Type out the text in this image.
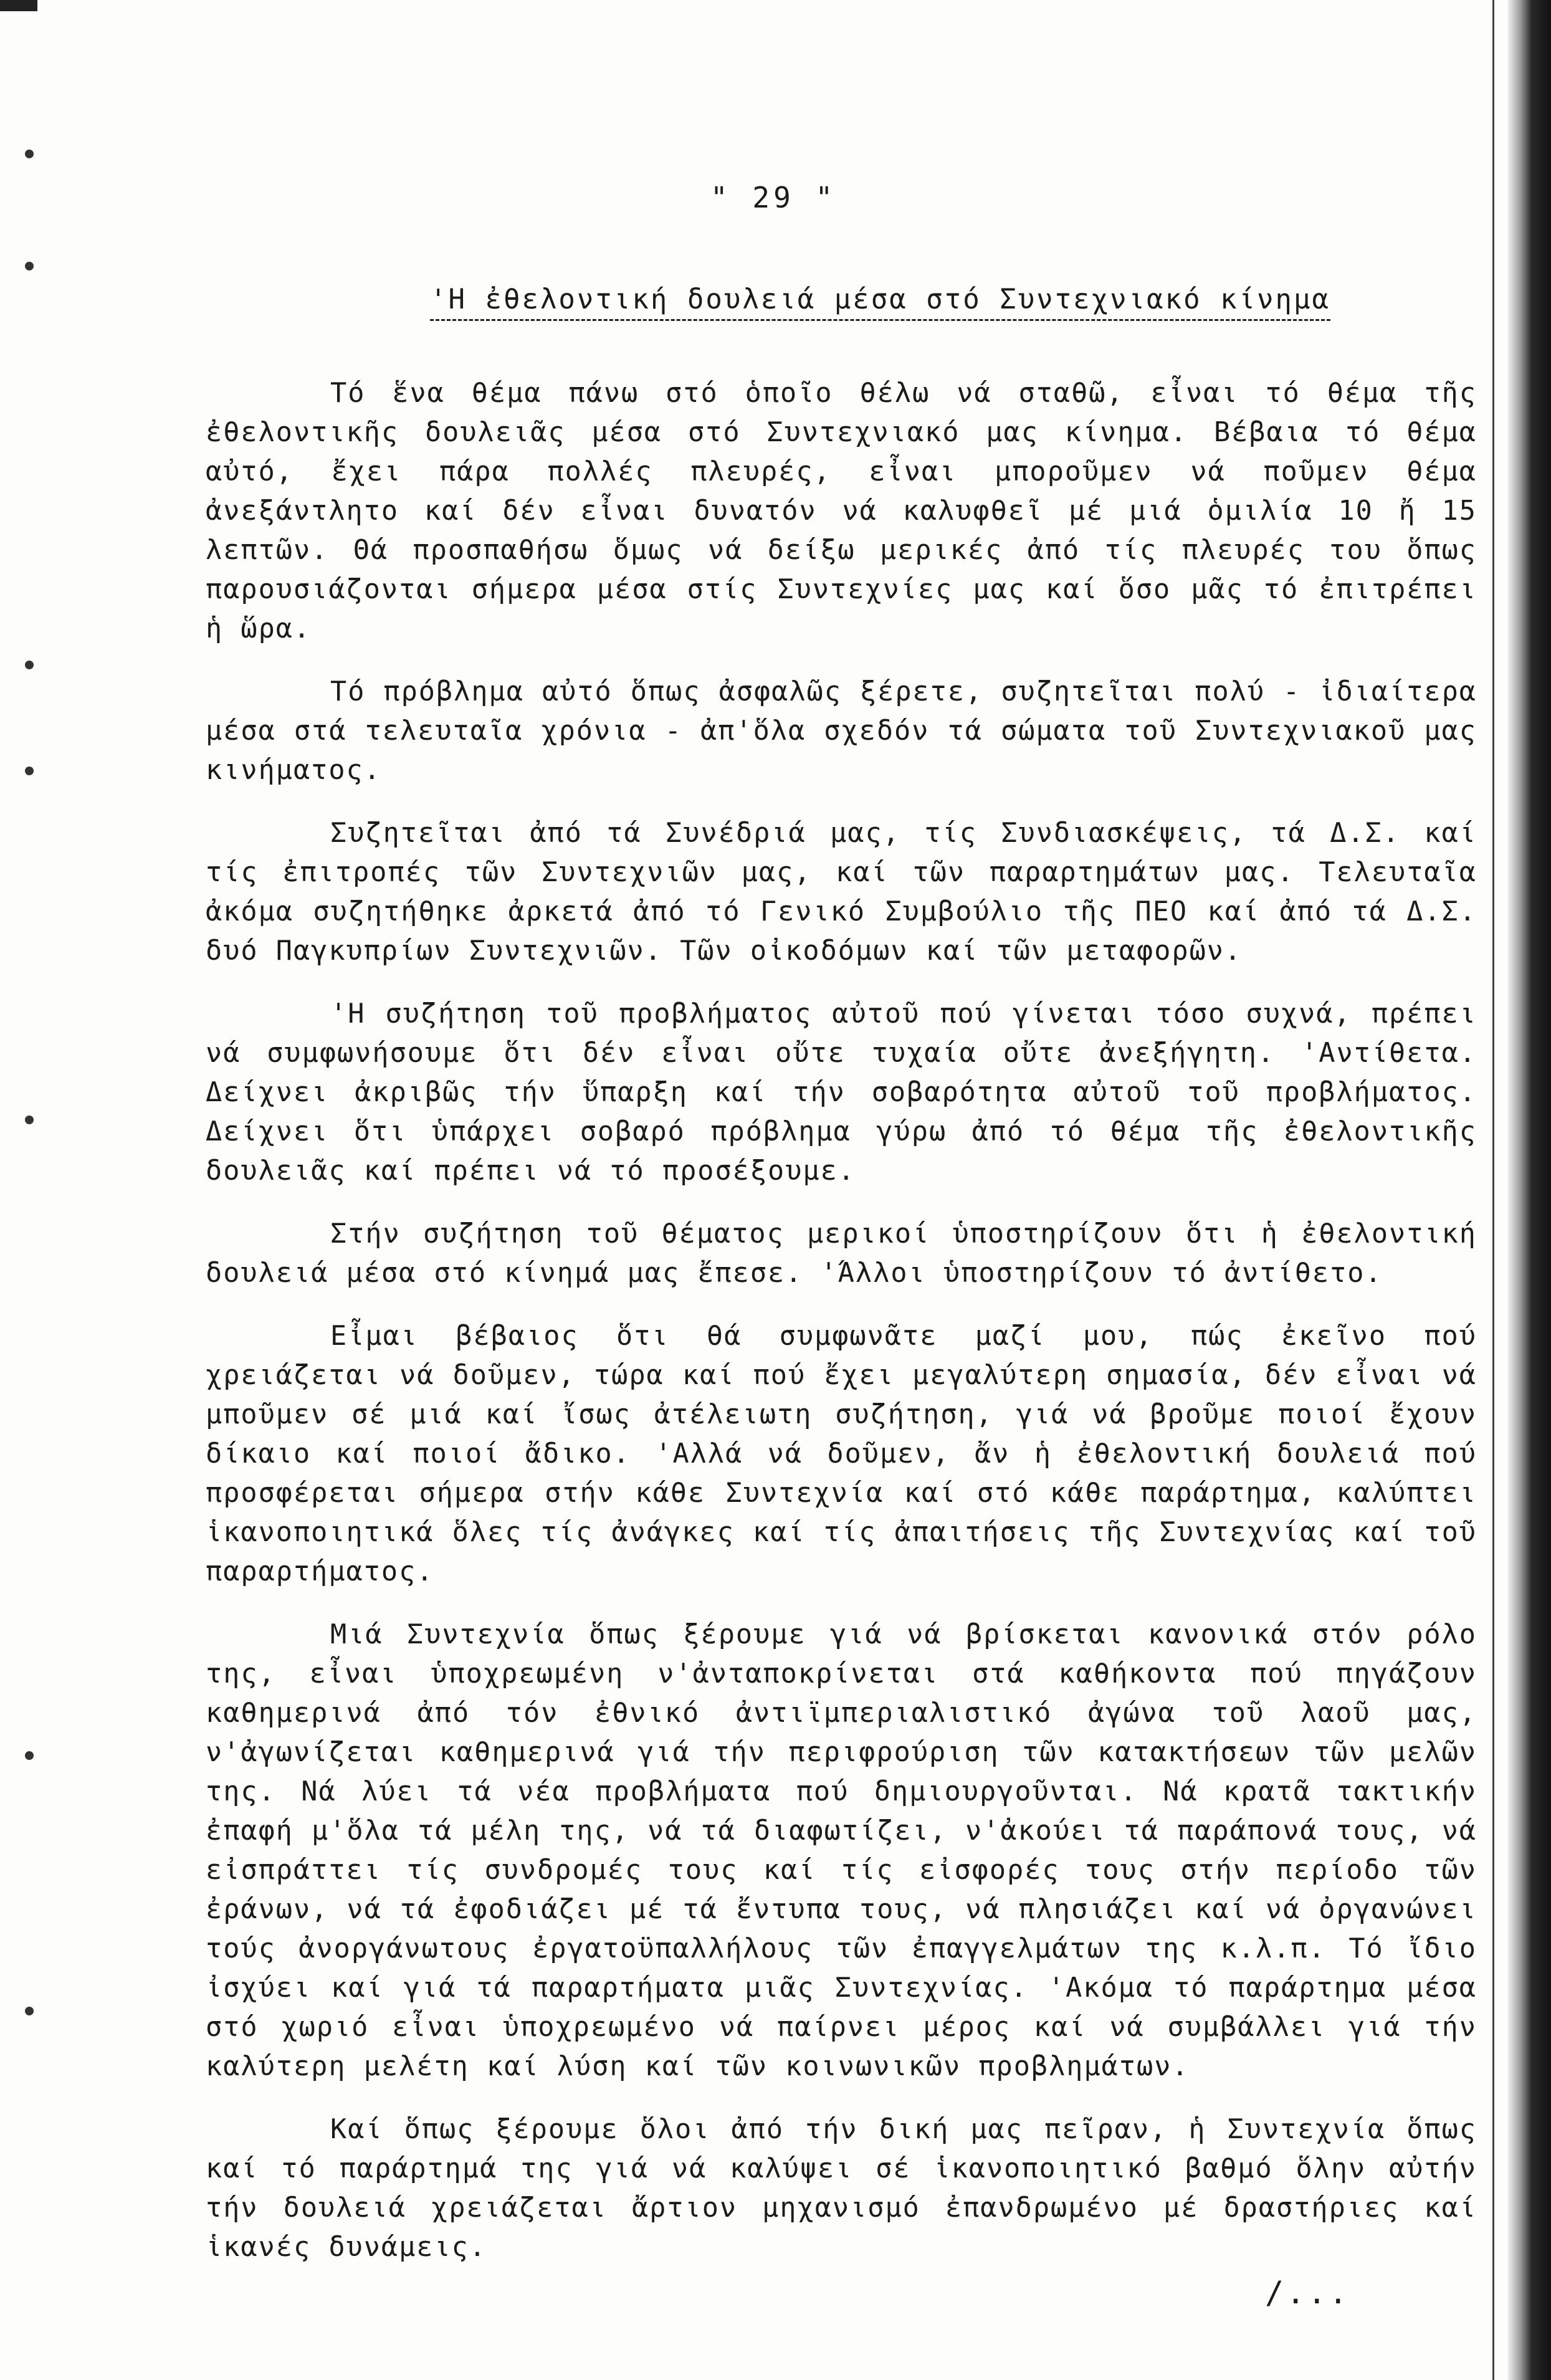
" 29 "
'Η ἐθελοντική δουλειά μέσα στό Συντεχνιακό κίνημα

Τό ἕνα θέμα πάνω στό ὁποῖο θέλω νά σταθῶ, εἶναι τό θέμα τῆς ἐθελοντικῆς δουλειᾶς μέσα στό Συντεχνιακό μας κίνημα. Βέβαια τό θέμα αὐτό, ἔχει πάρα πολλές πλευρές, εἶναι μποροῦμεν νά ποῦμεν θέμα ἀνεξάντλητο καί δέν εἶναι δυνατόν νά καλυφθεῖ μέ μιά ὁμιλία 10 ἤ 15 λεπτῶν. Θά προσπαθήσω ὅμως νά δείξω μερικές ἀπό τίς πλευρές του ὅπως παρουσιάζονται σήμερα μέσα στίς Συντεχνίες μας καί ὅσο μᾶς τό ἐπιτρέπει ἡ ὥρα.

Τό πρόβλημα αὐτό ὅπως ἀσφαλῶς ξέρετε, συζητεῖται πολύ - ἰδιαίτερα μέσα στά τελευταῖα χρόνια - ἀπ'ὅλα σχεδόν τά σώματα τοῦ Συντεχνιακοῦ μας κινήματος.

Συζητεῖται ἀπό τά Συνέδριά μας, τίς Συνδιασκέψεις, τά Δ.Σ. καί τίς ἐπιτροπές τῶν Συντεχνιῶν μας, καί τῶν παραρτημάτων μας. Τελευταῖα ἀκόμα συζητήθηκε ἀρκετά ἀπό τό Γενικό Συμβούλιο τῆς ΠΕΟ καί ἀπό τά Δ.Σ. δυό Παγκυπρίων Συντεχνιῶν. Τῶν οἰκοδόμων καί τῶν μεταφορῶν.

'Η συζήτηση τοῦ προβλήματος αὐτοῦ πού γίνεται τόσο συχνά, πρέπει νά συμφωνήσουμε ὅτι δέν εἶναι οὔτε τυχαία οὔτε ἀνεξήγητη. 'Αντίθετα. Δείχνει ἀκριβῶς τήν ὕπαρξη καί τήν σοβαρότητα αὐτοῦ τοῦ προβλήματος. Δείχνει ὅτι ὑπάρχει σοβαρό πρόβλημα γύρω ἀπό τό θέμα τῆς ἐθελοντικῆς δουλειᾶς καί πρέπει νά τό προσέξουμε.

Στήν συζήτηση τοῦ θέματος μερικοί ὑποστηρίζουν ὅτι ἡ ἐθελοντική δουλειά μέσα στό κίνημά μας ἔπεσε. 'Άλλοι ὑποστηρίζουν τό ἀντίθετο.

Εἶμαι βέβαιος ὅτι θά συμφωνᾶτε μαζί μου, πώς ἐκεῖνο πού χρειάζεται νά δοῦμεν, τώρα καί πού ἔχει μεγαλύτερη σημασία, δέν εἶναι νά μποῦμεν σέ μιά καί ἴσως ἀτέλειωτη συζήτηση, γιά νά βροῦμε ποιοί ἔχουν δίκαιο καί ποιοί ἄδικο. 'Αλλά νά δοῦμεν, ἄν ἡ ἐθελοντική δουλειά πού προσφέρεται σήμερα στήν κάθε Συντεχνία καί στό κάθε παράρτημα, καλύπτει ἱκανοποιητικά ὅλες τίς ἀνάγκες καί τίς ἀπαιτήσεις τῆς Συντεχνίας καί τοῦ παραρτήματος.

Μιά Συντεχνία ὅπως ξέρουμε γιά νά βρίσκεται κανονικά στόν ρόλο της, εἶναι ὑποχρεωμένη ν'ἀνταποκρίνεται στά καθήκοντα πού πηγάζουν καθημερινά ἀπό τόν ἐθνικό ἀντιϊμπεριαλιστικό ἀγώνα τοῦ λαοῦ μας, ν'ἀγωνίζεται καθημερινά γιά τήν περιφρούριση τῶν κατακτήσεων τῶν μελῶν της. Νά λύει τά νέα προβλήματα πού δημιουργοῦνται. Νά κρατᾶ τακτικήν ἐπαφή μ'ὅλα τά μέλη της, νά τά διαφωτίζει, ν'ἀκούει τά παράπονά τους, νά εἰσπράττει τίς συνδρομές τους καί τίς εἰσφορές τους στήν περίοδο τῶν ἐράνων, νά τά ἐφοδιάζει μέ τά ἔντυπα τους, νά πλησιάζει καί νά ὀργανώνει τούς ἀνοργάνωτους ἐργατοϋπαλλήλους τῶν ἐπαγγελμάτων της κ.λ.π. Τό ἴδιο ἰσχύει καί γιά τά παραρτήματα μιᾶς Συντεχνίας. 'Ακόμα τό παράρτημα μέσα στό χωριό εἶναι ὑποχρεωμένο νά παίρνει μέρος καί νά συμβάλλει γιά τήν καλύτερη μελέτη καί λύση καί τῶν κοινωνικῶν προβλημάτων.

Καί ὅπως ξέρουμε ὅλοι ἀπό τήν δική μας πεῖραν, ἡ Συντεχνία ὅπως καί τό παράρτημά της γιά νά καλύψει σέ ἱκανοποιητικό βαθμό ὅλην αὐτήν τήν δουλειά χρειάζεται ἄρτιον μηχανισμό ἐπανδρωμένο μέ δραστήριες καί ἱκανές δυνάμεις.

/...
